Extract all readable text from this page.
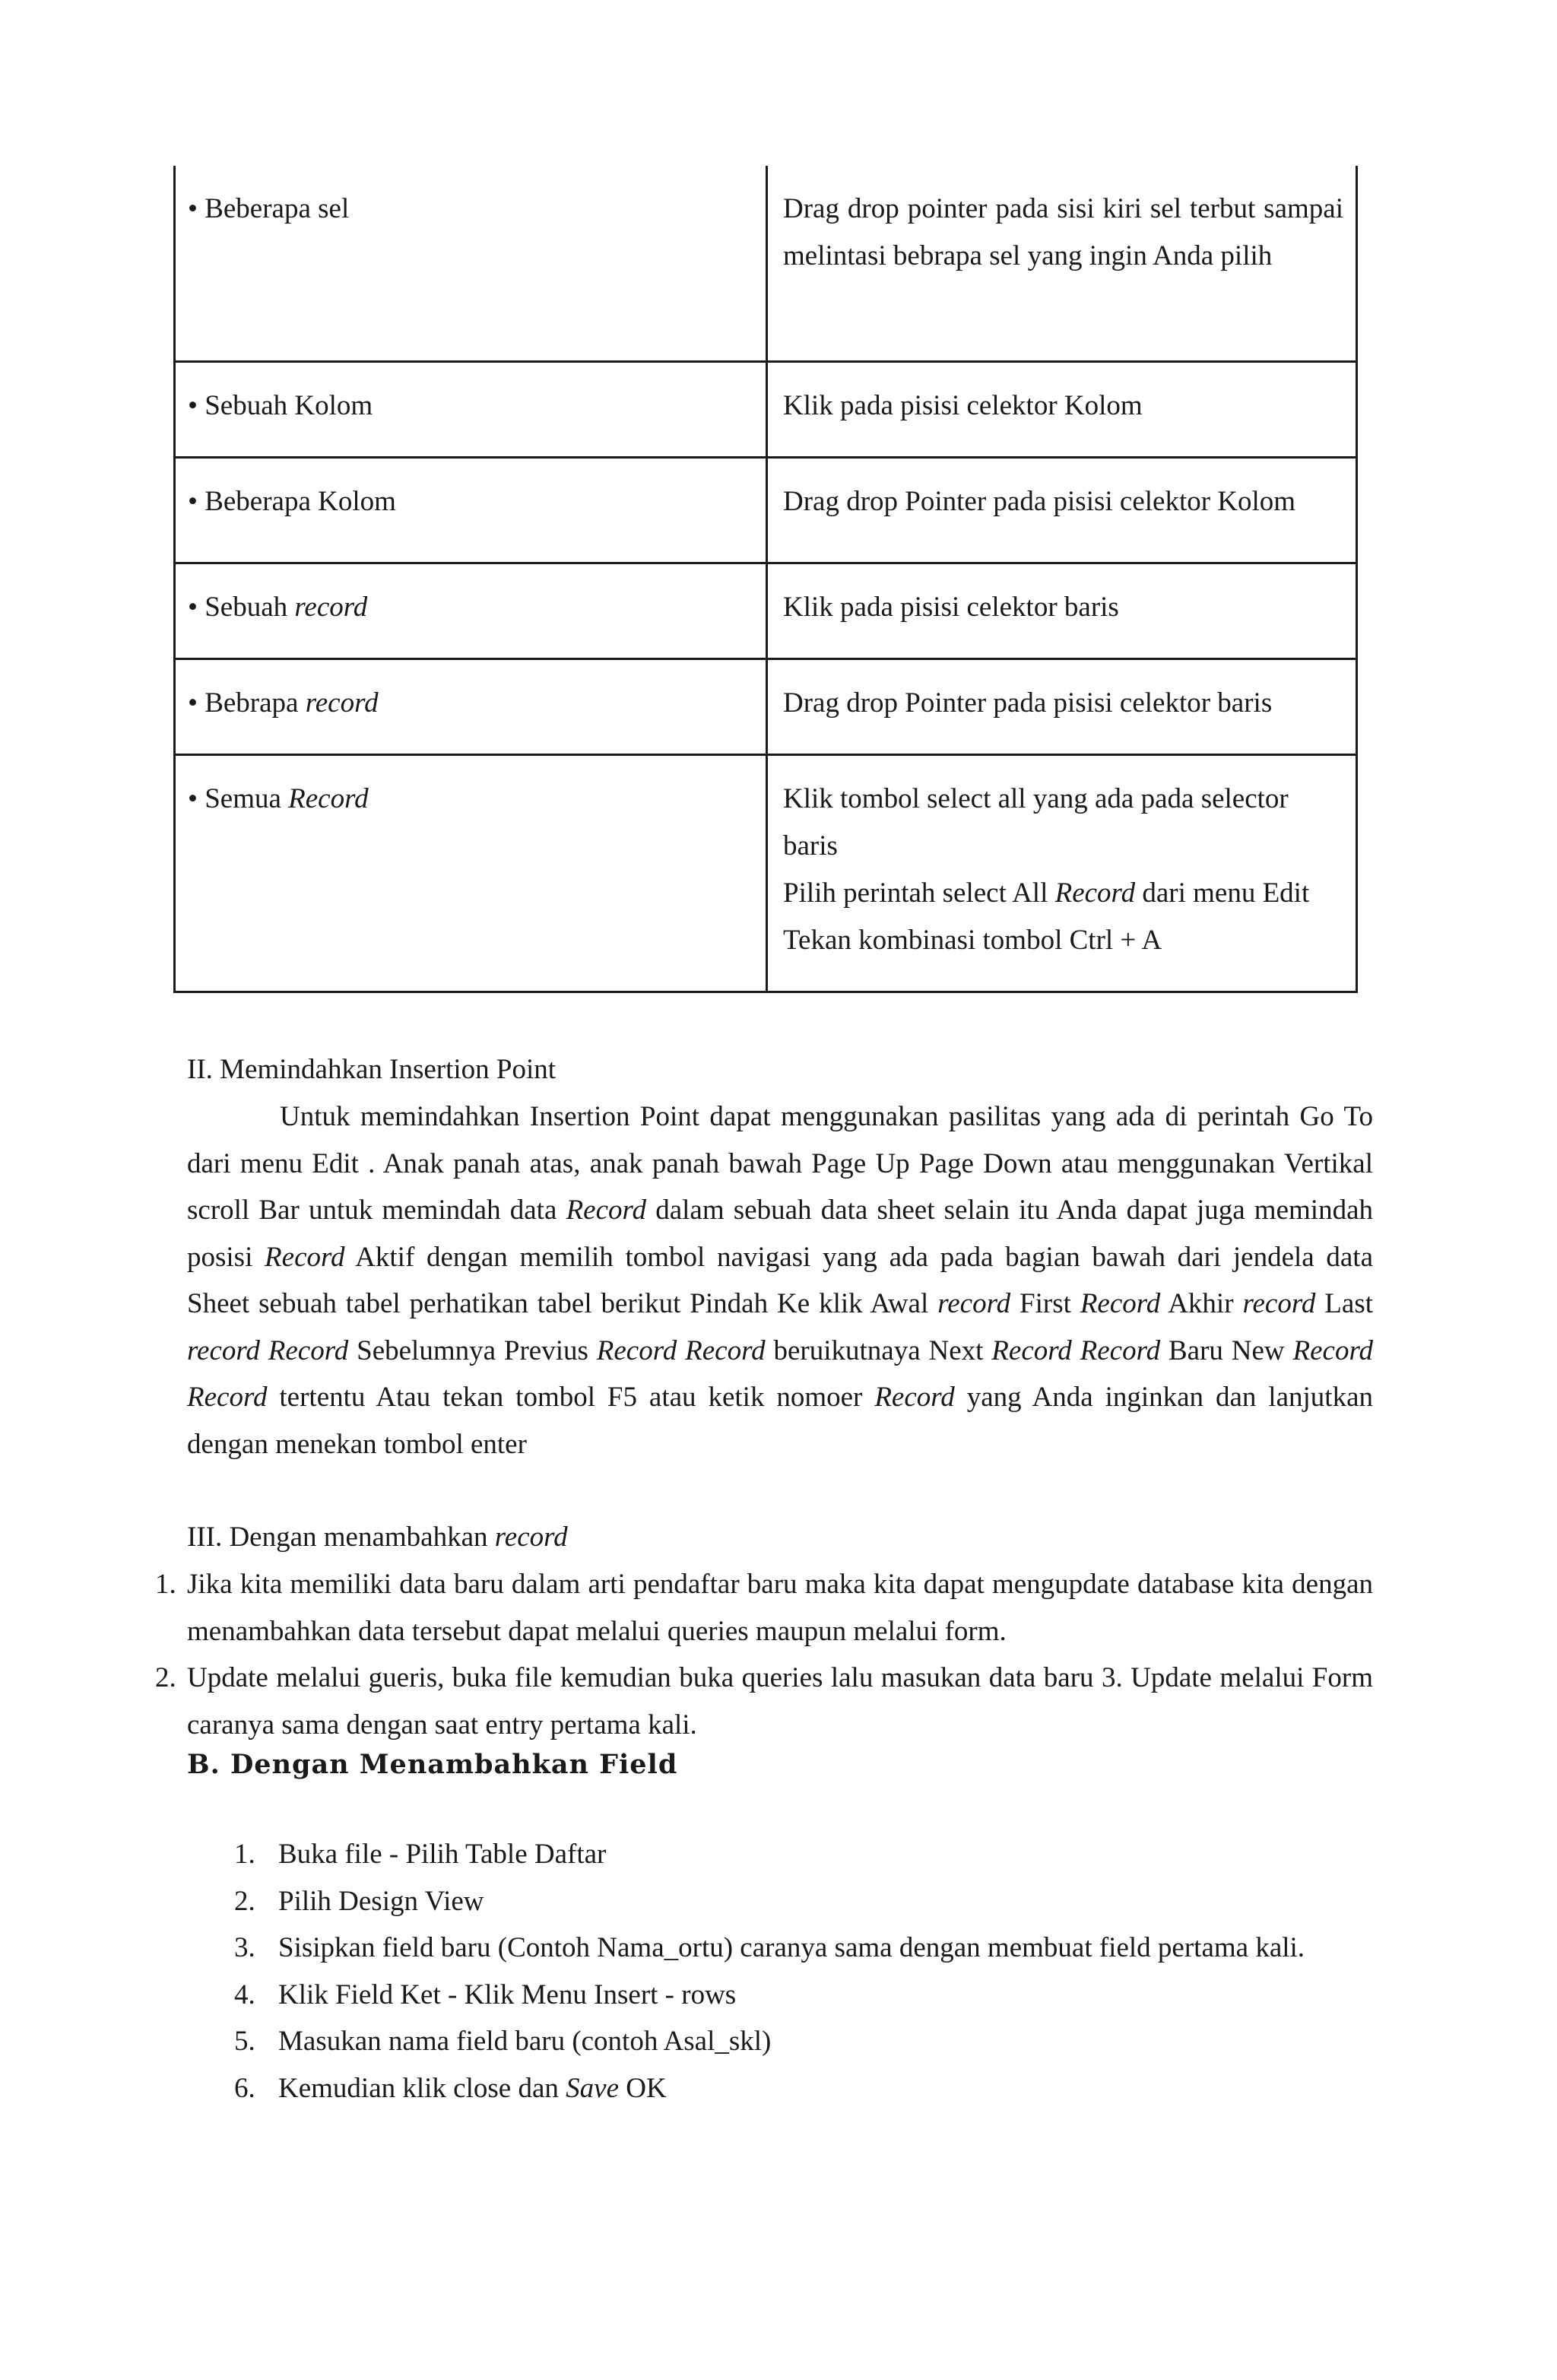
• Beberapa sel	Drag drop pointer pada sisi kiri sel terbut sampai melintasi bebrapa sel yang ingin Anda pilih
• Sebuah Kolom	Klik pada pisisi celektor Kolom
• Beberapa Kolom	Drag drop Pointer pada pisisi celektor Kolom
• Sebuah record	Klik pada pisisi celektor baris
• Bebrapa record	Drag drop Pointer pada pisisi celektor baris
• Semua Record	Klik tombol select all yang ada pada selector baris
Pilih perintah select All Record dari menu Edit
Tekan kombinasi tombol Ctrl + A
II. Memindahkan Insertion Point
Untuk memindahkan Insertion Point dapat menggunakan pasilitas yang ada di perintah Go To dari menu Edit . Anak panah atas, anak panah bawah Page Up Page Down atau menggunakan Vertikal scroll Bar untuk memindah data Record dalam sebuah data sheet selain itu Anda dapat juga memindah posisi Record Aktif dengan memilih tombol navigasi yang ada pada bagian bawah dari jendela data Sheet sebuah tabel perhatikan tabel berikut Pindah Ke klik Awal record First Record Akhir record Last record Record Sebelumnya Previus Record Record beruikutnaya Next Record Record Baru New Record Record tertentu Atau tekan tombol F5 atau ketik nomoer Record yang Anda inginkan dan lanjutkan dengan menekan tombol enter
III. Dengan menambahkan record
1. Jika kita memiliki data baru dalam arti pendaftar baru maka kita dapat mengupdate database kita dengan menambahkan data tersebut dapat melalui queries maupun melalui form.
2. Update melalui gueris, buka file kemudian buka queries lalu masukan data baru 3. Update melalui Form caranya sama dengan saat entry pertama kali.
B. Dengan Menambahkan Field
1. Buka file - Pilih Table Daftar
2. Pilih Design View
3. Sisipkan field baru (Contoh Nama_ortu) caranya sama dengan membuat field pertama kali.
4. Klik Field Ket - Klik Menu Insert - rows
5. Masukan nama field baru (contoh Asal_skl)
6. Kemudian klik close dan Save OK
